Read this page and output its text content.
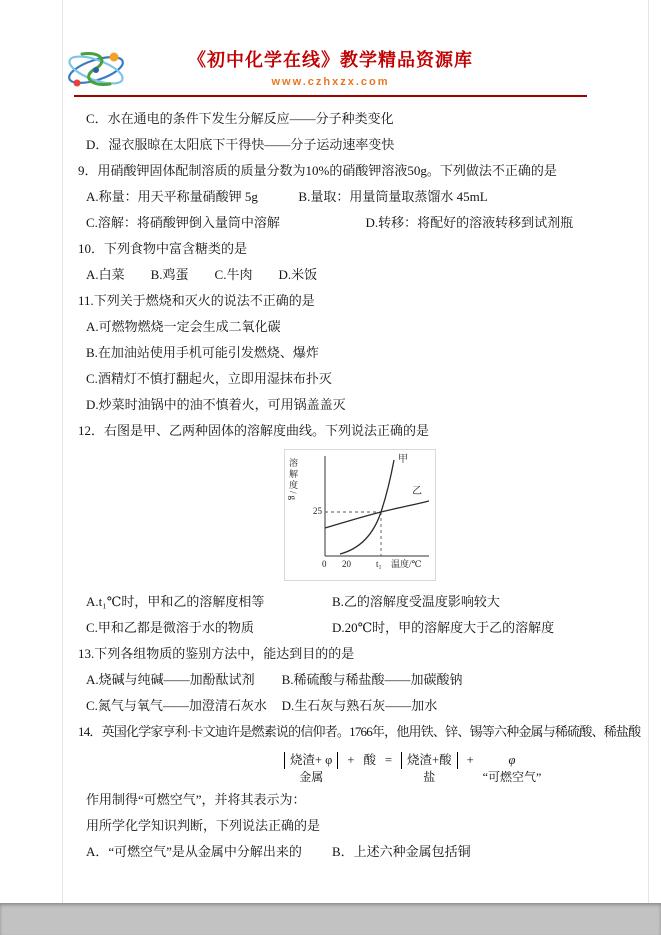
《初中化学在线》教学精品资源库
www.czhxzx.com

C．水在通电的条件下发生分解反应——分子种类变化

D．湿衣服晾在太阳底下干得快——分子运动速率变快

9．用硝酸钾固体配制溶质的质量分数为10%的硝酸钾溶液50g。下列做法不正确的是

A.称量：用天平称量硝酸钾 5g	B.量取：用量筒量取蒸馏水 45mL

C.溶解：将硝酸钾倒入量筒中溶解	D.转移：将配好的溶液转移到试剂瓶

10．下列食物中富含糖类的是

A.白菜　　B.鸡蛋　　C.牛肉　　D.米饭

11.下列关于燃烧和灭火的说法不正确的是

A.可燃物燃烧一定会生成二氧化碳

B.在加油站使用手机可能引发燃烧、爆炸

C.酒精灯不慎打翻起火，立即用湿抹布扑灭

D.炒菜时油锅中的油不慎着火，可用锅盖盖灭

12．右图是甲、乙两种固体的溶解度曲线。下列说法正确的是

溶解度/g
25
0 20	t₁ 温度/℃
甲
乙

A.t₁℃时，甲和乙的溶解度相等	B.乙的溶解度受温度影响较大

C.甲和乙都是微溶于水的物质	D.20℃时，甲的溶解度大于乙的溶解度

13.下列各组物质的鉴别方法中，能达到目的的是

A.烧碱与纯碱——加酚酞试剂	B.稀硫酸与稀盐酸——加碳酸钠

C.氮气与氧气——加澄清石灰水	D.生石灰与熟石灰——加水

14．英国化学家亨利·卡文迪许是燃素说的信仰者。1766年，他用铁、锌、锡等六种金属与稀硫酸、稀盐酸

烧渣+ φ
金属
+ 酸 =	烧渣+酸
盐
+	φ
“可燃空气”

作用制得“可燃空气”，并将其表示为：

用所学化学知识判断，下列说法正确的是

A．“可燃空气”是从金属中分解出来的	B．上述六种金属包括铜
